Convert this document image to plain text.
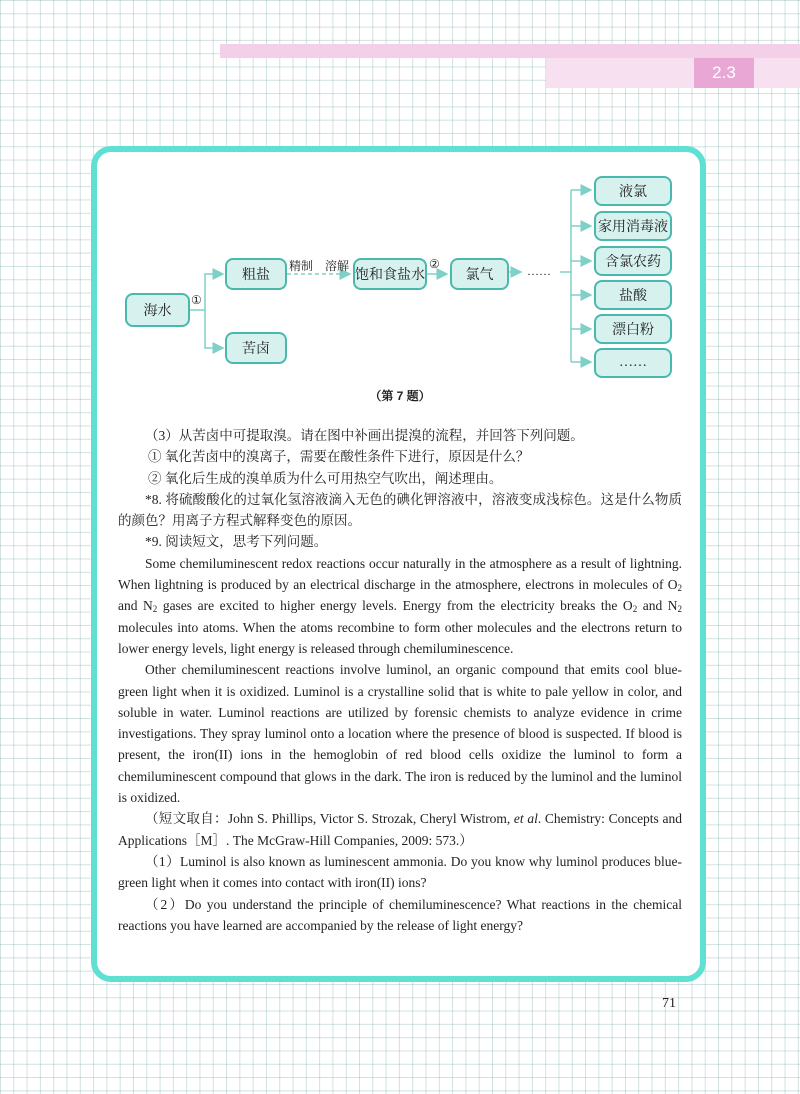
2.3
海水
粗盐
苦卤
饱和食盐水	氯气
液氯
家用消毒液
含氯农药
盐酸
漂白粉
……
①
精制 溶解	②	……
（第 7 题）

（3）从苦卤中可提取溴。请在图中补画出提溴的流程，并回答下列问题。

① 氧化苦卤中的溴离子，需要在酸性条件下进行，原因是什么？

② 氧化后生成的溴单质为什么可用热空气吹出，阐述理由。

*8. 将硫酸酸化的过氧化氢溶液滴入无色的碘化钾溶液中，溶液变成浅棕色。这是什么物质的颜色？用离子方程式解释变色的原因。

*9. 阅读短文，思考下列问题。

Some chemiluminescent redox reactions occur naturally in the atmosphere as a result of lightning. When lightning is produced by an electrical discharge in the atmosphere, electrons in molecules of $O_2$ and $N_2$ gases are excited to higher energy levels. Energy from the electricity breaks the $O_2$ and $N_2$ molecules into atoms. When the atoms recombine to form other molecules and the electrons return to lower energy levels, light energy is released through chemiluminescence.

Other chemiluminescent reactions involve luminol, an organic compound that emits cool blue-green light when it is oxidized. Luminol is a crystalline solid that is white to pale yellow in color, and soluble in water. Luminol reactions are utilized by forensic chemists to analyze evidence in crime investigations. They spray luminol onto a location where the presence of blood is suspected. If blood is present, the iron(II) ions in the hemoglobin of red blood cells oxidize the luminol to form a chemiluminescent compound that glows in the dark. The iron is reduced by the luminol and the luminol is oxidized.

（短文取自：John S. Phillips, Victor S. Strozak, Cheryl Wistrom, et al. Chemistry: Concepts and Applications［M］. The McGraw-Hill Companies, 2009: 573.）

（1）Luminol is also known as luminescent ammonia. Do you know why luminol produces blue-green light when it comes into contact with iron(II) ions?

（2）Do you understand the principle of chemiluminescence? What reactions in the chemical reactions you have learned are accompanied by the release of light energy?

71
